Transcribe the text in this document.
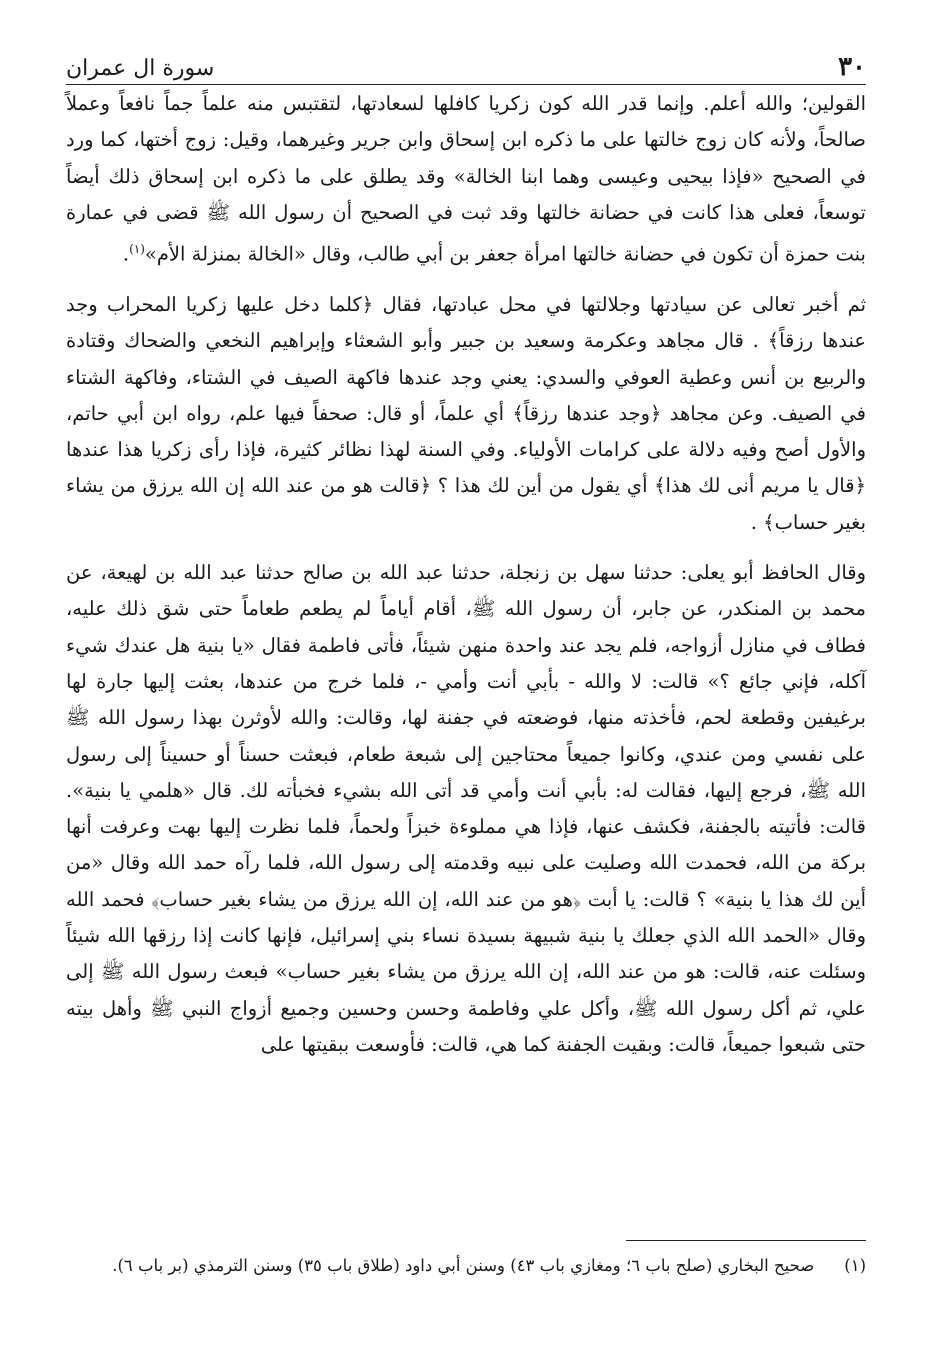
٣٠
سورة ال عمران

القولين؛ والله أعلم. وإنما قدر الله كون زكريا كافلها لسعادتها، لتقتبس منه علماً جماً نافعاً وعملاً صالحاً، ولأنه كان زوج خالتها على ما ذكره ابن إسحاق وابن جرير وغيرهما، وقيل: زوج أختها، كما ورد في الصحيح «فإذا بيحيى وعيسى وهما ابنا الخالة» وقد يطلق على ما ذكره ابن إسحاق ذلك أيضاً توسعاً، فعلى هذا كانت في حضانة خالتها وقد ثبت في الصحيح أن رسول الله ﷺ قضى في عمارة بنت حمزة أن تكون في حضانة خالتها امرأة جعفر بن أبي طالب، وقال «الخالة بمنزلة الأم»$^{(١)}$.

ثم أخبر تعالى عن سيادتها وجلالتها في محل عبادتها، فقال ﴿كلما دخل عليها زكريا المحراب وجد عندها رزقاً﴾ . قال مجاهد وعكرمة وسعيد بن جبير وأبو الشعثاء وإبراهيم النخعي والضحاك وقتادة والربيع بن أنس وعطية العوفي والسدي: يعني وجد عندها فاكهة الصيف في الشتاء، وفاكهة الشتاء في الصيف. وعن مجاهد ﴿وجد عندها رزقاً﴾ أي علماً، أو قال: صحفاً فيها علم، رواه ابن أبي حاتم، والأول أصح وفيه دلالة على كرامات الأولياء. وفي السنة لهذا نظائر كثيرة، فإذا رأى زكريا هذا عندها ﴿قال يا مريم أنى لك هذا﴾ أي يقول من أين لك هذا ؟ ﴿قالت هو من عند الله إن الله يرزق من يشاء بغير حساب﴾ .

وقال الحافظ أبو يعلى: حدثنا سهل بن زنجلة، حدثنا عبد الله بن صالح حدثنا عبد الله بن لهيعة، عن محمد بن المنكدر، عن جابر، أن رسول الله ﷺ، أقام أياماً لم يطعم طعاماً حتى شق ذلك عليه، فطاف في منازل أزواجه، فلم يجد عند واحدة منهن شيئاً، فأتى فاطمة فقال «يا بنية هل عندك شيء آكله، فإني جائع ؟» قالت: لا والله - بأبي أنت وأمي -، فلما خرج من عندها، بعثت إليها جارة لها برغيفين وقطعة لحم، فأخذته منها، فوضعته في جفنة لها، وقالت: والله لأوثرن بهذا رسول الله ﷺ على نفسي ومن عندي، وكانوا جميعاً محتاجين إلى شبعة طعام، فبعثت حسناً أو حسيناً إلى رسول الله ﷺ، فرجع إليها، فقالت له: بأبي أنت وأمي قد أتى الله بشيء فخبأته لك. قال «هلمي يا بنية». قالت: فأتيته بالجفنة، فكشف عنها، فإذا هي مملوءة خبزاً ولحماً، فلما نظرت إليها بهت وعرفت أنها بركة من الله، فحمدت الله وصليت على نبيه وقدمته إلى رسول الله، فلما رآه حمد الله وقال «من أين لك هذا يا بنية» ؟ قالت: يا أبت ﴿هو من عند الله، إن الله يرزق من يشاء بغير حساب﴾ فحمد الله وقال «الحمد الله الذي جعلك يا بنية شبيهة بسيدة نساء بني إسرائيل، فإنها كانت إذا رزقها الله شيئاً وسئلت عنه، قالت: هو من عند الله، إن الله يرزق من يشاء بغير حساب» فبعث رسول الله ﷺ إلى علي، ثم أكل رسول الله ﷺ، وأكل علي وفاطمة وحسن وحسين وجميع أزواج النبي ﷺ وأهل بيته حتى شبعوا جميعاً، قالت: وبقيت الجفنة كما هي، قالت: فأوسعت ببقيتها على

(١)صحيح البخاري (صلح باب ٦؛ ومغازي باب ٤٣) وسنن أبي داود (طلاق باب ٣٥) وسنن الترمذي (بر باب ٦).
